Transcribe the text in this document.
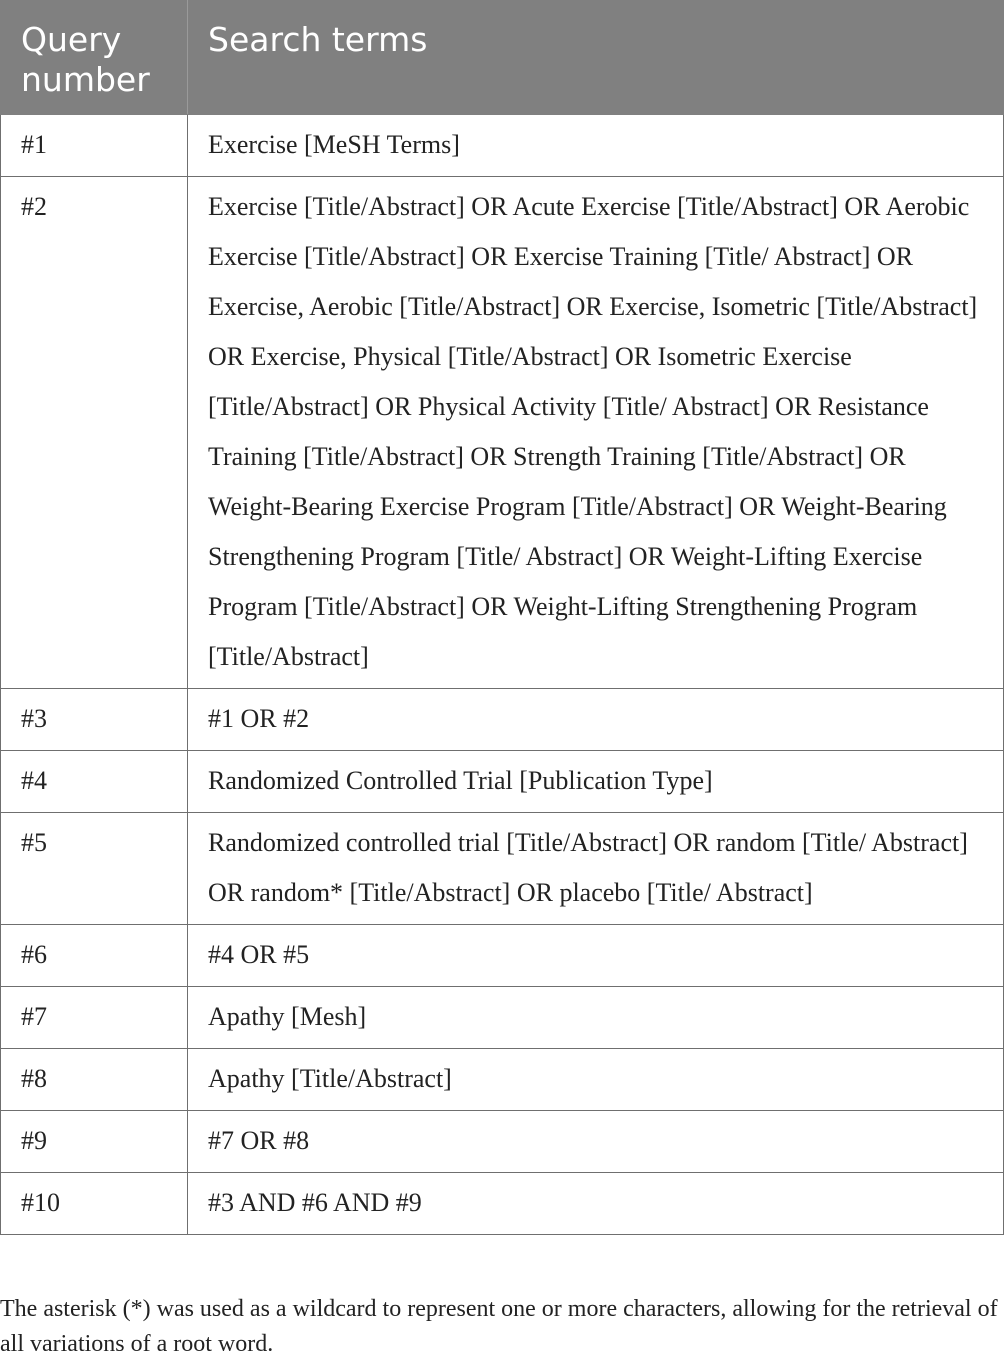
Query number	Search terms
#1	Exercise [MeSH Terms]
#2	Exercise [Title/Abstract] OR Acute Exercise [Title/Abstract] OR Aerobic Exercise [Title/Abstract] OR Exercise Training [Title/ Abstract] OR Exercise, Aerobic [Title/Abstract] OR Exercise, Isometric [Title/Abstract] OR Exercise, Physical [Title/Abstract] OR Isometric Exercise [Title/Abstract] OR Physical Activity [Title/ Abstract] OR Resistance Training [Title/Abstract] OR Strength Training [Title/Abstract] OR Weight-Bearing Exercise Program [Title/Abstract] OR Weight-Bearing Strengthening Program [Title/ Abstract] OR Weight-Lifting Exercise Program [Title/Abstract] OR Weight-Lifting Strengthening Program [Title/Abstract]
#3	#1 OR #2
#4	Randomized Controlled Trial [Publication Type]
#5	Randomized controlled trial [Title/Abstract] OR random [Title/ Abstract] OR random* [Title/Abstract] OR placebo [Title/ Abstract]
#6	#4 OR #5
#7	Apathy [Mesh]
#8	Apathy [Title/Abstract]
#9	#7 OR #8
#10	#3 AND #6 AND #9
The asterisk (*) was used as a wildcard to represent one or more characters, allowing for the retrieval of all variations of a root word.
